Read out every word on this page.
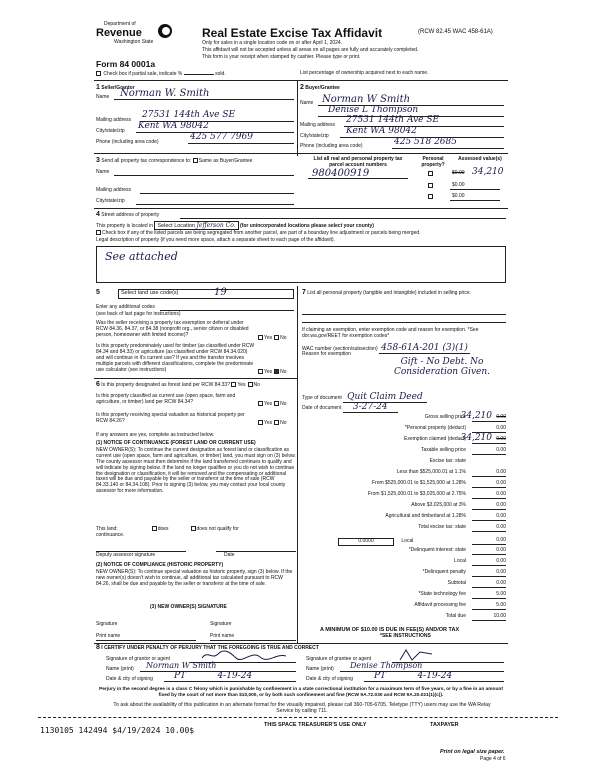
Department of
Revenue
Washington State
Form 84 0001a
Real Estate Excise Tax Affidavit	(RCW 82.45 WAC 458-61A)
Only for sales in a single location code on or after April 1, 2024.
This affidavit will not be accepted unless all areas on all pages are fully and accurately completed.
This form is your receipt when stamped by cashier. Please type or print.
Check box if partial sale, indicate %	sold.	List percentage of ownership acquired next to each name.
1 Seller/Grantor
Name	Norman W. Smith
Mailing address 27531 144th Ave SE
City/state/zip Kent WA 98042
Phone (including area code)	425 577 7969
2 Buyer/Grantee
Name Norman W Smith
Denise L Thompson
Mailing address 27531 144th Ave SE
City/state/zip	Kent WA 98042
Phone (including area code)	425 518 2685
3 Send all property tax correspondence to: Same as Buyer/Grantee
Name
Mailing address
City/state/zip
List all real and personal property tax parcel account numbers
Personal property?
Assessed value(s)
980400919	$0.00 34,210
$0.00
$0.00
4 Street address of property
This property is located in Select Location Jefferson Co. (for unincorporated locations please select your county)
Check box if any of the listed parcels are being segregated from another parcel, are part of a boundary line adjustment or parcels being merged.
Legal description of property (if you need more space, attach a separate sheet to each page of the affidavit).
See attached
5	Select land use code(s)	19
Enter any additional codes
(see back of last page for instructions)
Was the seller receiving a property tax exemption or deferral under RCW 84.36, 84.37, or 84.38 (nonprofit org., senior citizen or disabled person, homeowner with limited income)?
Yes No
Is this property predominately used for timber (as classified under RCW 84.34 and 84.33) or agriculture (as classified under RCW 84.34.020) and will continue in it's current use? If yes and the transfer involves multiple parcels with different classifications, complete the predominate use calculator (see instructions)	Yes No
6 Is this property designated as forest land per RCW 84.33? Yes No
Is this property classified as current use (open space, farm and agriculture, or timber) land per RCW 84.34?	Yes No
Is this property receiving special valuation as historical property per RCW 84.26?	Yes No
If any answers are yes, complete as instructed below.
(1) NOTICE OF CONTINUANCE (FOREST LAND OR CURRENT USE)
NEW OWNER(S): To continue the current designation as forest land or classification as current use (open space, farm and agriculture, or timber) land, you must sign on (3) below. The county assessor must then determine if the land transferred continues to qualify and will indicate by signing below. If the land no longer qualifies or you do not wish to continue the designation or classification, it will be removed and the compensating or additional taxes will be due and payable by the seller or transferor at the time of sale (RCW 84.33.140 or 84.34.108). Prior to signing (3) below, you may contact your local county assessor for more information.
This land:	does	does not qualify for
continuance.
Deputy assessor signature	Date
(2) NOTICE OF COMPLIANCE (HISTORIC PROPERTY)
NEW OWNER(S): To continue special valuation as historic property, sign (3) below. If the new owner(s) doesn't wish to continue, all additional tax calculated pursuant to RCW 84.26, shall be due and payable by the seller or transferor at the time of sale.
(3) NEW OWNER(S) SIGNATURE
Signature	Signature
Print name	Print name
7 List all personal property (tangible and intangible) included in selling price.
If claiming an exemption, enter exemption code and reason for exemption. *See dor.wa.gov/REET for exemption codes*
WAC number (section/subsection) 458-61A-201 (3)(1)
Reason for exemption
Gift - No Debt. No Consideration Given.
Type of document Quit Claim Deed
Date of document 3-27-24
Gross selling price
34,210 0.00
*Personal property (deduct)	0.00
Exemption claimed (deduct)
34,210 0.00
Taxable selling price	0.00
Excise tax: state
Less than $525,000.01 at 1.1%	0.00
From $525,000.01 to $1,525,000 at 1.28%	0.00
From $1,525,000.01 to $3,025,000 at 2.75%	0.00
Above $3,025,000 at 3%	0.00
Agricultural and timberland at 1.28%	0.00
Total excise tax: state	0.00
0.0000	Local	0.00
*Delinquent interest: state	0.00
Local	0.00
*Delinquent penalty	0.00
Subtotal	0.00
*State technology fee	5.00
Affidavit processing fee	5.00
Total due	10.00
A MINIMUM OF $10.00 IS DUE IN FEE(S) AND/OR TAX
*SEE INSTRUCTIONS
8 I CERTIFY UNDER PENALTY OF PERJURY THAT THE FOREGOING IS TRUE AND CORRECT
Signature of grantor or agent
Name (print)	Norman W Smith
Date & city of signing	PT	4-19-24
Signature of grantee or agent
Name (print)	Denise Thompson
Date & city of signing	PT	4-19-24
Perjury in the second degree is a class C felony which is punishable by confinement in a state correctional institution for a maximum term of five years, or by a fine in an amount fixed by the court of not more than $10,000, or by both such confinement and fine (RCW 9A.72.030 and RCW 9A.20.021(1)(c)).
To ask about the availability of this publication in an alternate format for the visually impaired, please call 360-705-6705. Teletype (TTY) users may use the WA Relay Service by calling 711.
1130105 142494 $4/19/2024 10.00$
THIS SPACE TREASURER'S USE ONLY	TAXPAYER
Print on legal size paper.
Page 4 of 6
